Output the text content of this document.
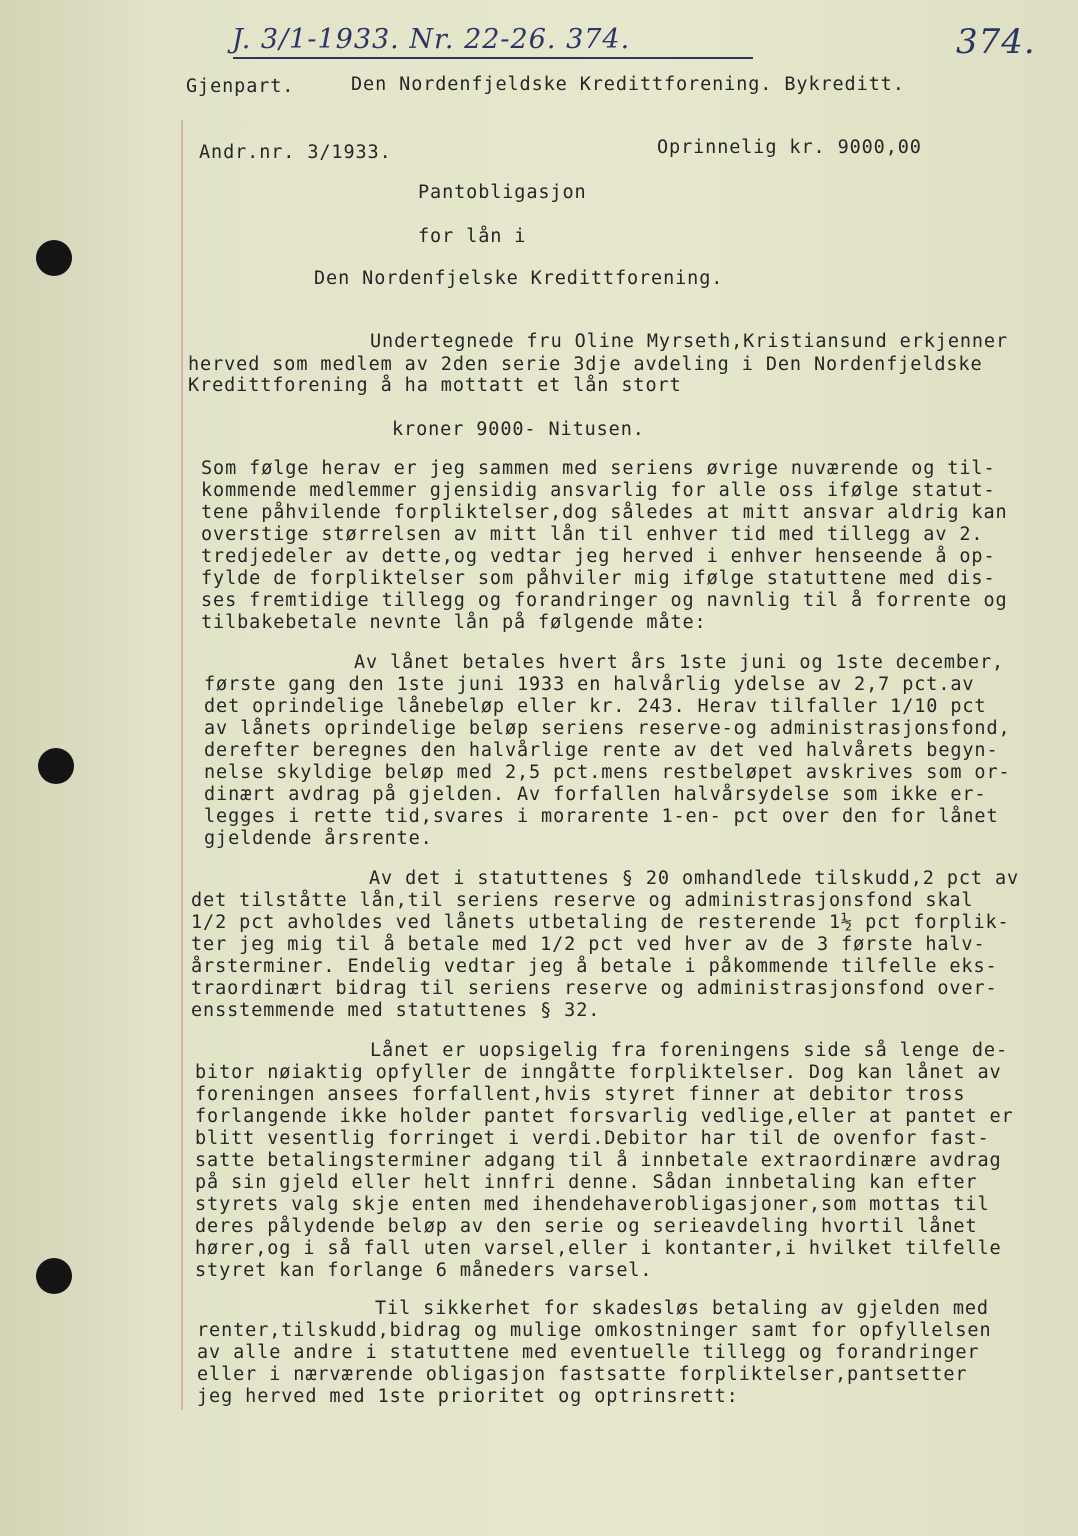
J. 3/1-1933. Nr. 22-26. 374.	374.
Gjenpart.	Den Nordenfjeldske Kredittforening. Bykreditt.
Andr.nr. 3/1933.	Oprinnelig kr. 9000,00
Pantobligasjon
for lån i
Den Nordenfjelske Kredittforening.
Undertegnede fru Oline Myrseth,Kristiansund erkjenner
herved som medlem av 2den serie 3dje avdeling i Den Nordenfjeldske
Kredittforening å ha mottatt et lån stort
kroner 9000- Nitusen.
Som følge herav er jeg sammen med seriens øvrige nuværende og til-
kommende medlemmer gjensidig ansvarlig for alle oss ifølge statut-
tene påhvilende forpliktelser,dog således at mitt ansvar aldrig kan
overstige størrelsen av mitt lån til enhver tid med tillegg av 2.
tredjedeler av dette,og vedtar jeg herved i enhver henseende å op-
fylde de forpliktelser som påhviler mig ifølge statuttene med dis-
ses fremtidige tillegg og forandringer og navnlig til å forrente og
tilbakebetale nevnte lån på følgende måte:
Av lånet betales hvert års 1ste juni og 1ste december,
første gang den 1ste juni 1933 en halvårlig ydelse av 2,7 pct.av
det oprindelige lånebeløp eller kr. 243. Herav tilfaller 1/10 pct
av lånets oprindelige beløp seriens reserve-og administrasjonsfond,
derefter beregnes den halvårlige rente av det ved halvårets begyn-
nelse skyldige beløp med 2,5 pct.mens restbeløpet avskrives som or-
dinært avdrag på gjelden. Av forfallen halvårsydelse som ikke er-
legges i rette tid,svares i morarente 1-en- pct over den for lånet
gjeldende årsrente.
Av det i statuttenes § 20 omhandlede tilskudd,2 pct av
det tilståtte lån,til seriens reserve og administrasjonsfond skal
1/2 pct avholdes ved lånets utbetaling de resterende 1½ pct forplik-
ter jeg mig til å betale med 1/2 pct ved hver av de 3 første halv-
årsterminer. Endelig vedtar jeg å betale i påkommende tilfelle eks-
traordinært bidrag til seriens reserve og administrasjonsfond over-
ensstemmende med statuttenes § 32.
Lånet er uopsigelig fra foreningens side så lenge de-
bitor nøiaktig opfyller de inngåtte forpliktelser. Dog kan lånet av
foreningen ansees forfallent,hvis styret finner at debitor tross
forlangende ikke holder pantet forsvarlig vedlige,eller at pantet er
blitt vesentlig forringet i verdi.Debitor har til de ovenfor fast-
satte betalingsterminer adgang til å innbetale extraordinære avdrag
på sin gjeld eller helt innfri denne. Sådan innbetaling kan efter
styrets valg skje enten med ihendehaverobligasjoner,som mottas til
deres pålydende beløp av den serie og serieavdeling hvortil lånet
hører,og i så fall uten varsel,eller i kontanter,i hvilket tilfelle
styret kan forlange 6 måneders varsel.
Til sikkerhet for skadesløs betaling av gjelden med
renter,tilskudd,bidrag og mulige omkostninger samt for opfyllelsen
av alle andre i statuttene med eventuelle tillegg og forandringer
eller i nærværende obligasjon fastsatte forpliktelser,pantsetter
jeg herved med 1ste prioritet og optrinsrett:
